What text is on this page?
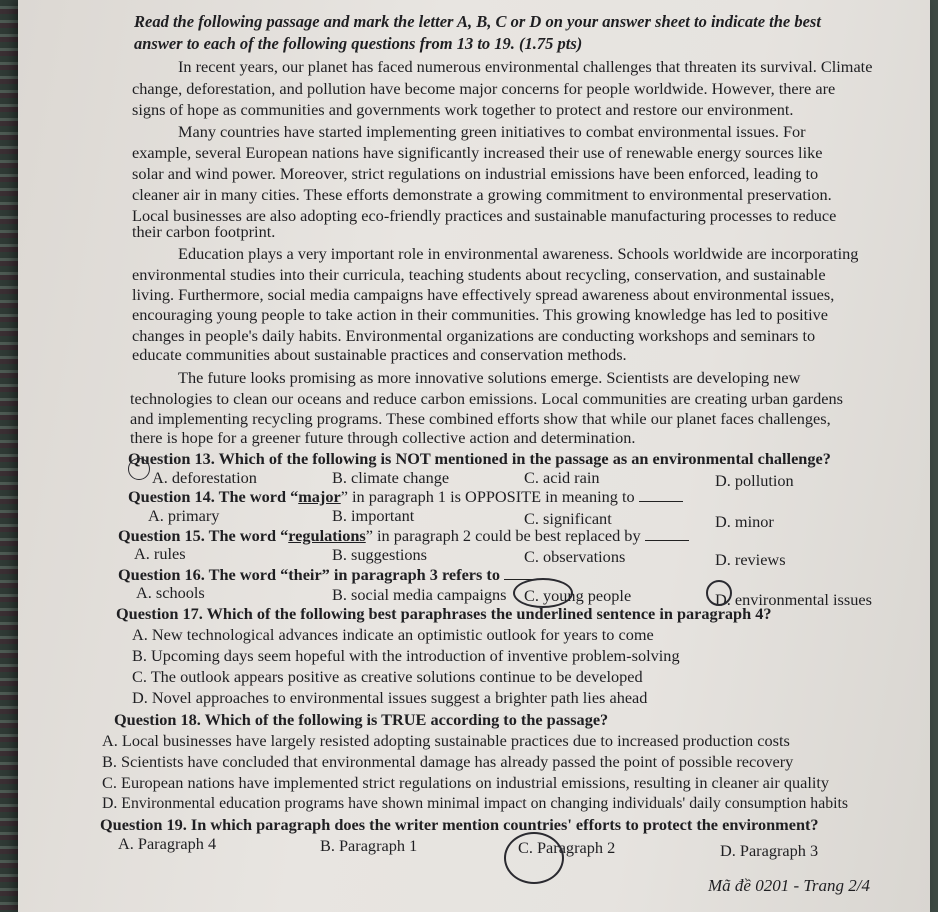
Read the following passage and mark the letter A, B, C or D on your answer sheet to indicate the best
answer to each of the following questions from 13 to 19. (1.75 pts)
In recent years, our planet has faced numerous environmental challenges that threaten its survival. Climate
change, deforestation, and pollution have become major concerns for people worldwide. However, there are
signs of hope as communities and governments work together to protect and restore our environment.
Many countries have started implementing green initiatives to combat environmental issues. For
example, several European nations have significantly increased their use of renewable energy sources like
solar and wind power. Moreover, strict regulations on industrial emissions have been enforced, leading to
cleaner air in many cities. These efforts demonstrate a growing commitment to environmental preservation.
Local businesses are also adopting eco-friendly practices and sustainable manufacturing processes to reduce
their carbon footprint.
Education plays a very important role in environmental awareness. Schools worldwide are incorporating
environmental studies into their curricula, teaching students about recycling, conservation, and sustainable
living. Furthermore, social media campaigns have effectively spread awareness about environmental issues,
encouraging young people to take action in their communities. This growing knowledge has led to positive
changes in people's daily habits. Environmental organizations are conducting workshops and seminars to
educate communities about sustainable practices and conservation methods.
The future looks promising as more innovative solutions emerge. Scientists are developing new
technologies to clean our oceans and reduce carbon emissions. Local communities are creating urban gardens
and implementing recycling programs. These combined efforts show that while our planet faces challenges,
there is hope for a greener future through collective action and determination.
Question 13. Which of the following is NOT mentioned in the passage as an environmental challenge?
A. deforestation	B. climate change	C. acid rain	D. pollution
Question 14. The word “major” in paragraph 1 is OPPOSITE in meaning to
A. primary	B. important	C. significant	D. minor
Question 15. The word “regulations” in paragraph 2 could be best replaced by
A. rules	B. suggestions	C. observations	D. reviews
Question 16. The word “their” in paragraph 3 refers to
A. schools	B. social media campaigns C. young people	D. environmental issues
Question 17. Which of the following best paraphrases the underlined sentence in paragraph 4?
A. New technological advances indicate an optimistic outlook for years to come
B. Upcoming days seem hopeful with the introduction of inventive problem-solving
C. The outlook appears positive as creative solutions continue to be developed
D. Novel approaches to environmental issues suggest a brighter path lies ahead
Question 18. Which of the following is TRUE according to the passage?
A. Local businesses have largely resisted adopting sustainable practices due to increased production costs
B. Scientists have concluded that environmental damage has already passed the point of possible recovery
C. European nations have implemented strict regulations on industrial emissions, resulting in cleaner air quality
D. Environmental education programs have shown minimal impact on changing individuals' daily consumption habits
Question 19. In which paragraph does the writer mention countries' efforts to protect the environment?
A. Paragraph 4	B. Paragraph 1	C. Paragraph 2	D. Paragraph 3
Mã đề 0201 - Trang 2/4
